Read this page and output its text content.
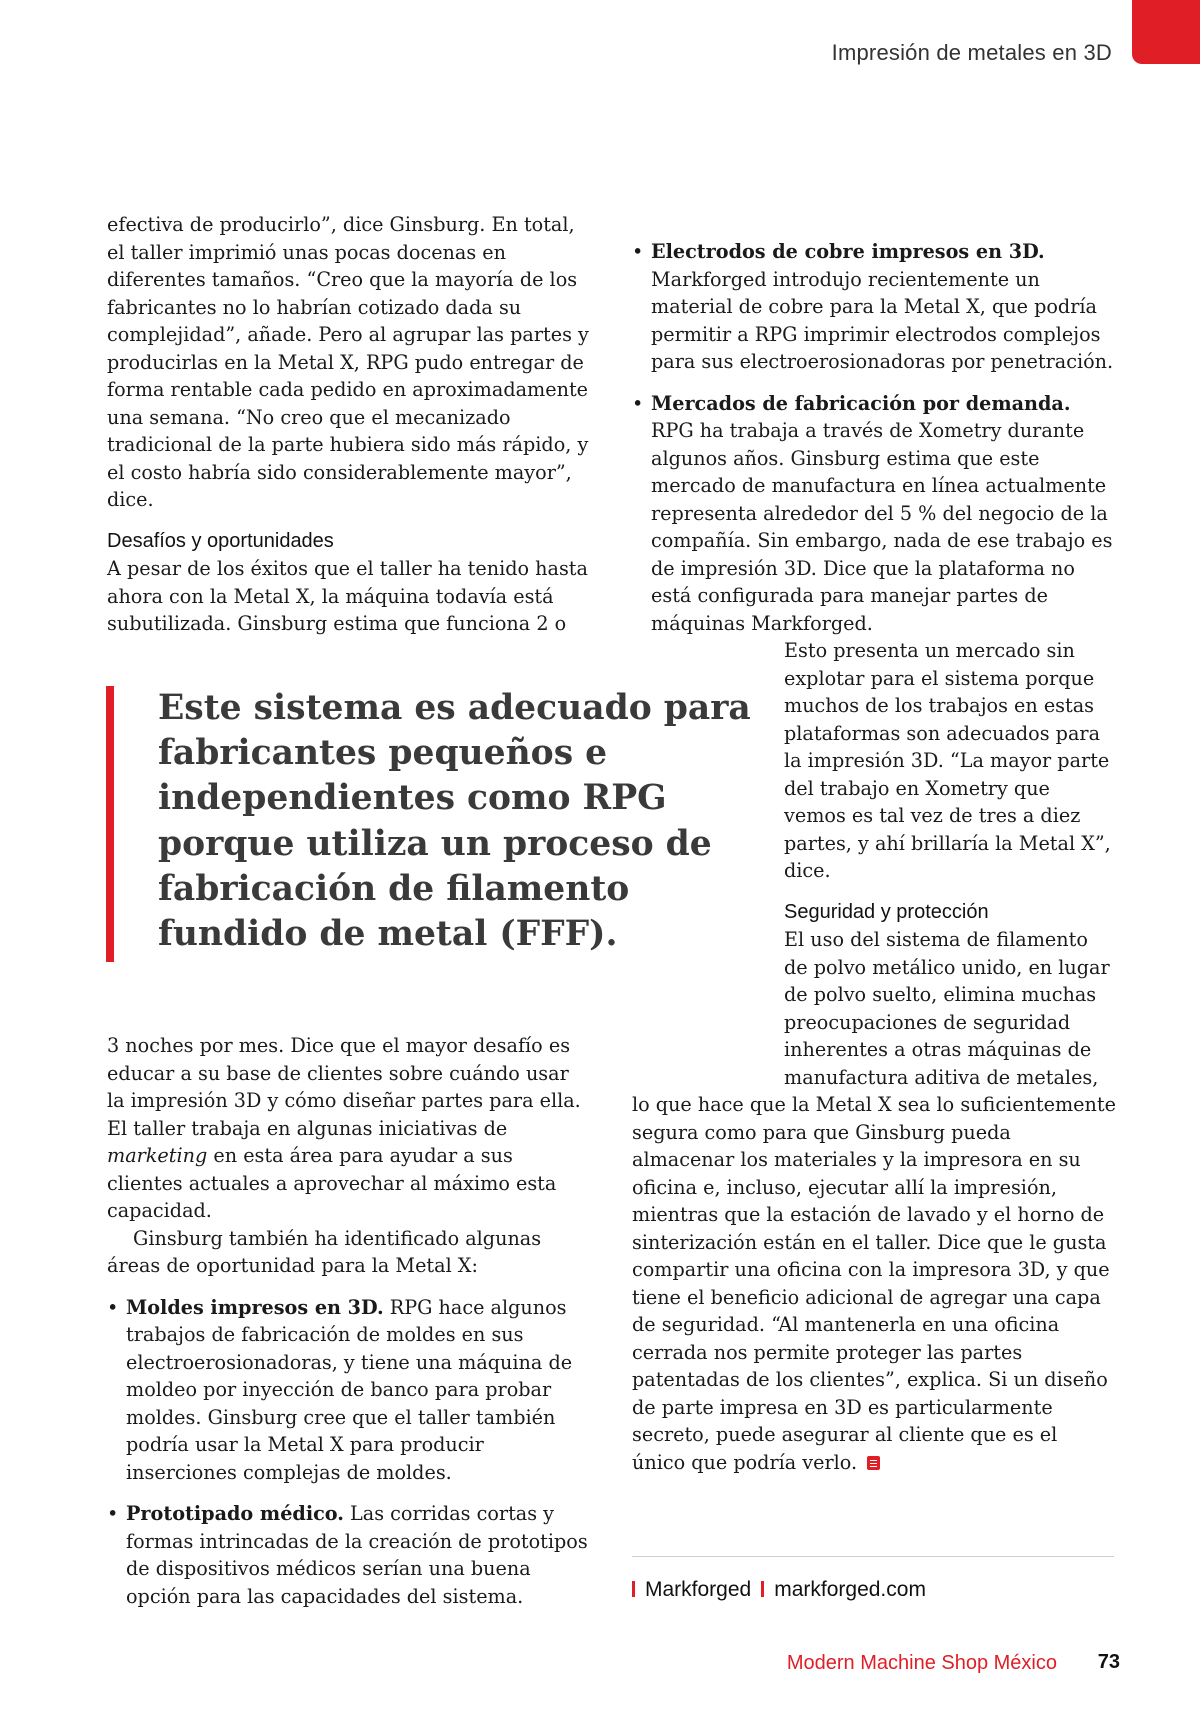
Impresión de metales en 3D

efectiva de producirlo”, dice Ginsburg. En total, el taller imprimió unas pocas docenas en diferentes tamaños. “Creo que la mayoría de los fabricantes no lo habrían cotizado dada su complejidad”, añade. Pero al agrupar las partes y producirlas en la Metal X, RPG pudo entregar de forma rentable cada pedido en aproximadamente una semana. “No creo que el mecanizado tradicional de la parte hubiera sido más rápido, y el costo habría sido considerablemente mayor”, dice.

Desafíos y oportunidades

A pesar de los éxitos que el taller ha tenido hasta ahora con la Metal X, la máquina todavía está subutilizada. Ginsburg estima que funciona 2 o

Este sistema es adecuado para fabricantes pequeños e independientes como RPG porque utiliza un proceso de fabricación de filamento fundido de metal (FFF).

3 noches por mes. Dice que el mayor desafío es educar a su base de clientes sobre cuándo usar la impresión 3D y cómo diseñar partes para ella. El taller trabaja en algunas iniciativas de marketing en esta área para ayudar a sus clientes actuales a aprovechar al máximo esta capacidad.

Ginsburg también ha identificado algunas áreas de oportunidad para la Metal X:

• Moldes impresos en 3D. RPG hace algunos trabajos de fabricación de moldes en sus electroerosionadoras, y tiene una máquina de moldeo por inyección de banco para probar moldes. Ginsburg cree que el taller también podría usar la Metal X para producir inserciones complejas de moldes.

• Prototipado médico. Las corridas cortas y formas intrincadas de la creación de prototipos de dispositivos médicos serían una buena opción para las capacidades del sistema.

• Electrodos de cobre impresos en 3D. Markforged introdujo recientemente un material de cobre para la Metal X, que podría permitir a RPG imprimir electrodos complejos para sus electroerosionadoras por penetración.

• Mercados de fabricación por demanda. RPG ha trabaja a través de Xometry durante algunos años. Ginsburg estima que este mercado de manufactura en línea actualmente representa alrededor del 5 % del negocio de la compañía. Sin embargo, nada de ese trabajo es de impresión 3D. Dice que la plataforma no está configurada para manejar partes de máquinas Markforged.

Esto presenta un mercado sin explotar para el sistema porque muchos de los trabajos en estas plataformas son adecuados para la impresión 3D. “La mayor parte del trabajo en Xometry que vemos es tal vez de tres a diez partes, y ahí brillaría la Metal X”, dice.

Seguridad y protección

El uso del sistema de filamento de polvo metálico unido, en lugar de polvo suelto, elimina muchas preocupaciones de seguridad inherentes a otras máquinas de manufactura aditiva de metales, lo que hace que la Metal X sea lo suficientemente segura como para que Ginsburg pueda almacenar los materiales y la impresora en su oficina e, incluso, ejecutar allí la impresión, mientras que la estación de lavado y el horno de sinterización están en el taller. Dice que le gusta compartir una oficina con la impresora 3D, y que tiene el beneficio adicional de agregar una capa de seguridad. “Al mantenerla en una oficina cerrada nos permite proteger las partes patentadas de los clientes”, explica. Si un diseño de parte impresa en 3D es particularmente secreto, puede asegurar al cliente que es el único que podría verlo.

Markforged markforged.com
Modern Machine Shop México 73
